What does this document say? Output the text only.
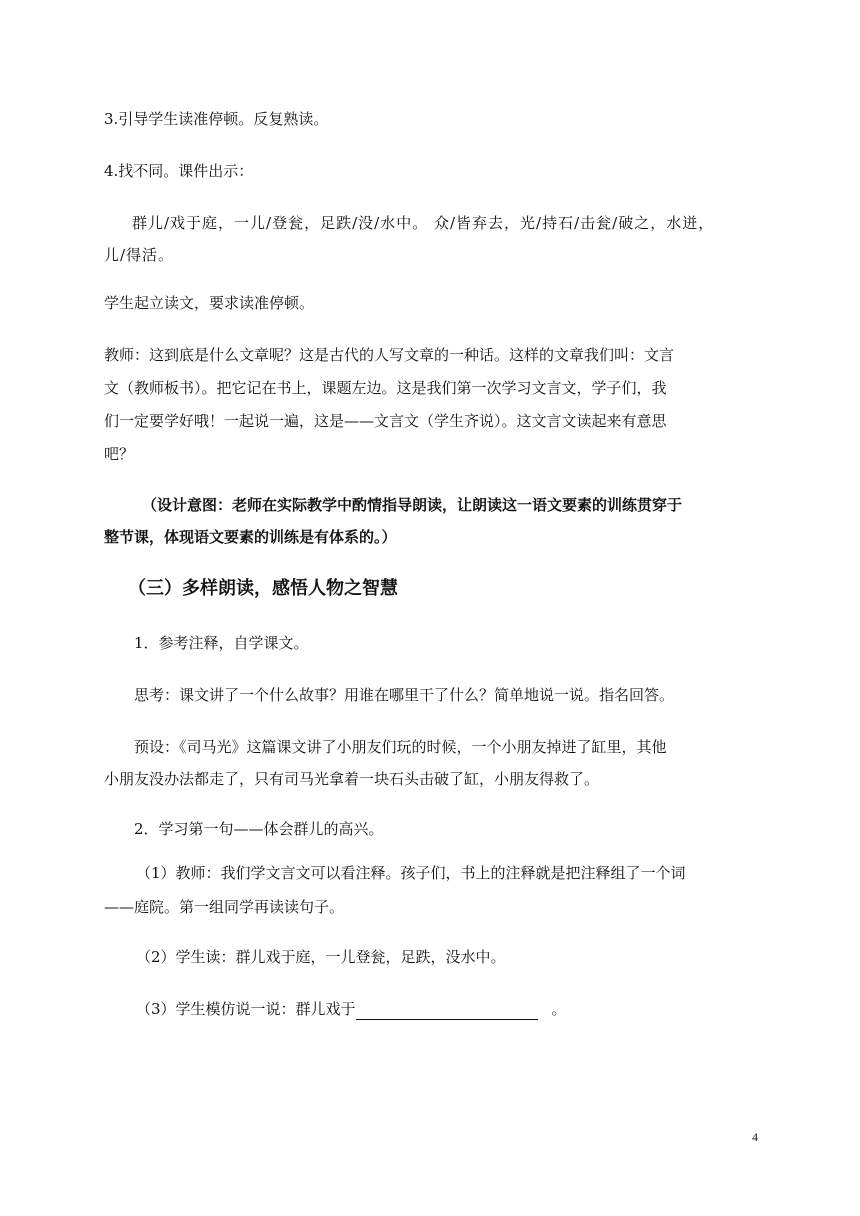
3.引导学生读准停顿。反复熟读。

4.找不同。课件出示：

群儿/戏于庭，一儿/登瓮，足跌/没/水中。 众/皆弃去，光/持石/击瓮/破之，水迸，

儿/得活。

学生起立读文，要求读准停顿。

教师：这到底是什么文章呢？这是古代的人写文章的一种话。这样的文章我们叫：文言

文（教师板书）。把它记在书上，课题左边。这是我们第一次学习文言文，学子们，我

们一定要学好哦！一起说一遍，这是——文言文（学生齐说）。这文言文读起来有意思

吧？

（设计意图：老师在实际教学中酌情指导朗读，让朗读这一语文要素的训练贯穿于

整节课，体现语文要素的训练是有体系的。）

（三）多样朗读，感悟人物之智慧

1．参考注释，自学课文。

思考：课文讲了一个什么故事？用谁在哪里干了什么？简单地说一说。指名回答。

预设：《司马光》这篇课文讲了小朋友们玩的时候，一个小朋友掉进了缸里，其他

小朋友没办法都走了，只有司马光拿着一块石头击破了缸，小朋友得救了。

2．学习第一句——体会群儿的高兴。

（1）教师：我们学文言文可以看注释。孩子们，书上的注释就是把注释组了一个词

——庭院。第一组同学再读读句子。

（2）学生读：群儿戏于庭，一儿登瓮，足跌，没水中。

（3）学生模仿说一说：群儿戏于	。

4
